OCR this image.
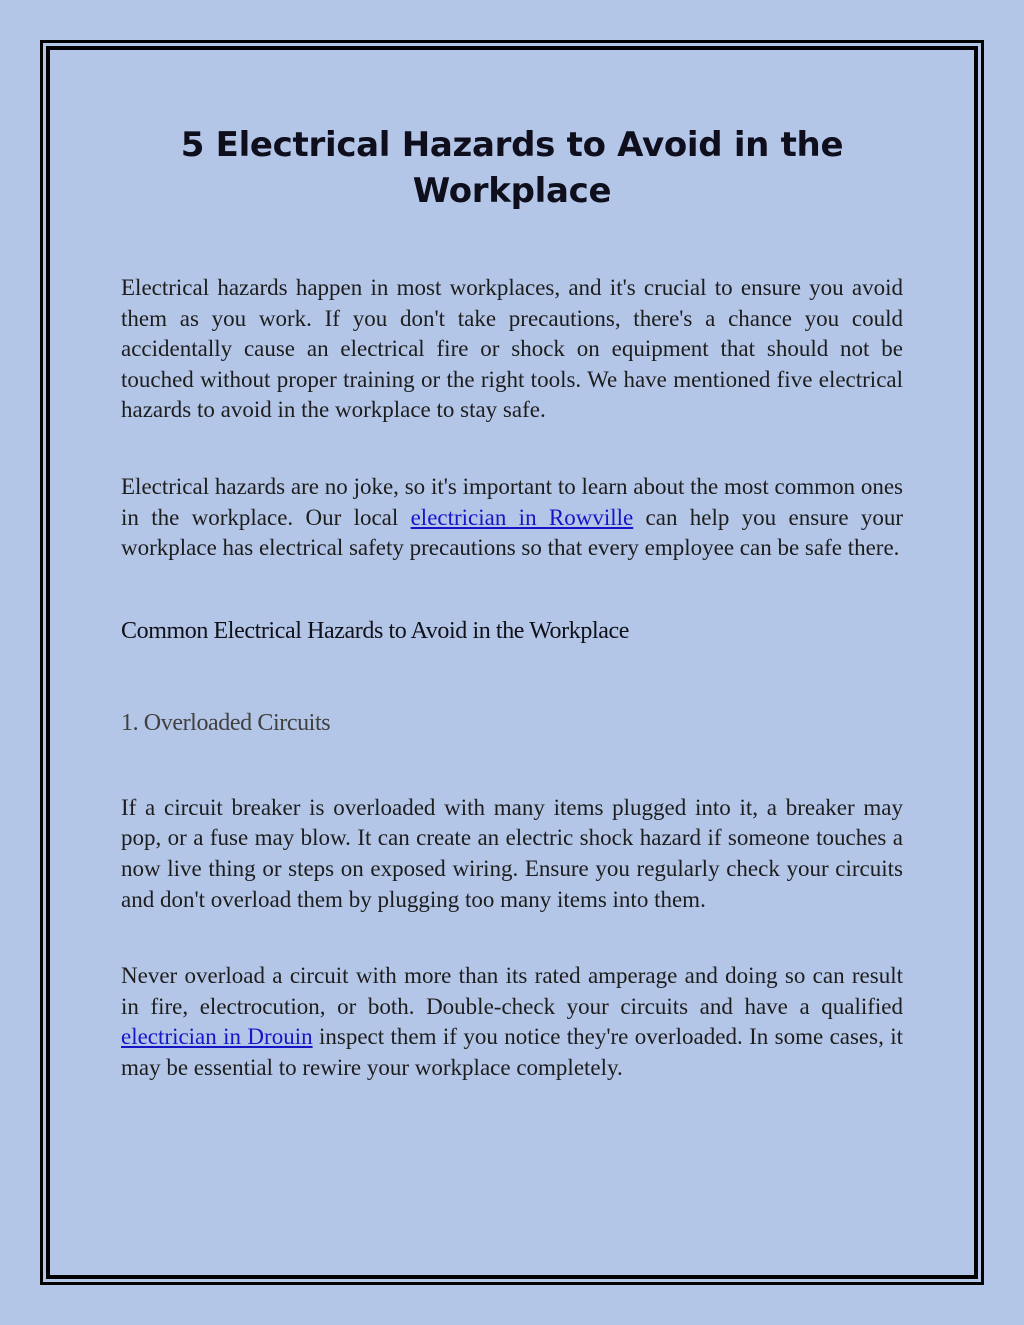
5 Electrical Hazards to Avoid in the Workplace

Electrical hazards happen in most workplaces, and it's crucial to ensure you avoid them as you work. If you don't take precautions, there's a chance you could accidentally cause an electrical fire or shock on equipment that should not be touched without proper training or the right tools. We have mentioned five electrical hazards to avoid in the workplace to stay safe.

Electrical hazards are no joke, so it's important to learn about the most common ones in the workplace. Our local electrician in Rowville can help you ensure your workplace has electrical safety precautions so that every employee can be safe there.

Common Electrical Hazards to Avoid in the Workplace
1. Overloaded Circuits

If a circuit breaker is overloaded with many items plugged into it, a breaker may pop, or a fuse may blow. It can create an electric shock hazard if someone touches a now live thing or steps on exposed wiring. Ensure you regularly check your circuits and don't overload them by plugging too many items into them.

Never overload a circuit with more than its rated amperage and doing so can result in fire, electrocution, or both. Double-check your circuits and have a qualified electrician in Drouin inspect them if you notice they're overloaded. In some cases, it may be essential to rewire your workplace completely.
